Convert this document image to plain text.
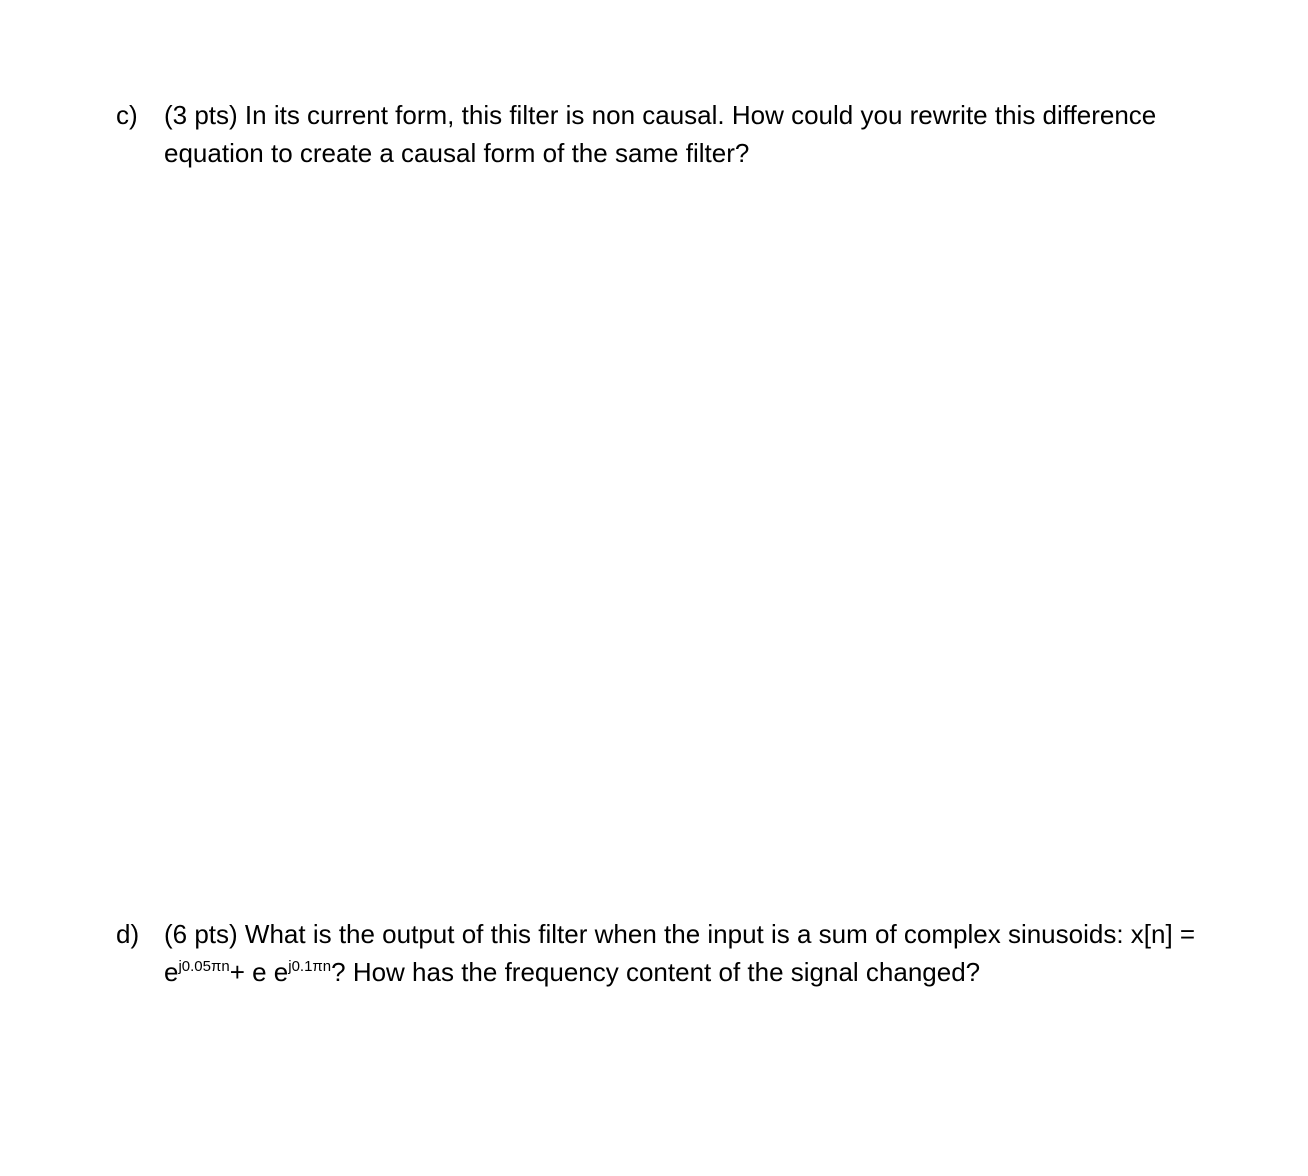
c)	(3 pts) In its current form, this filter is non causal. How could you rewrite this difference
equation to create a causal form of the same filter?
d) (6 pts) What is the output of this filter when the input is a sum of complex sinusoids: x[n] =
$e^{j0.05\pi n}+ e$ $e^{j0.1\pi n}$? How has the frequency content of the signal changed?
